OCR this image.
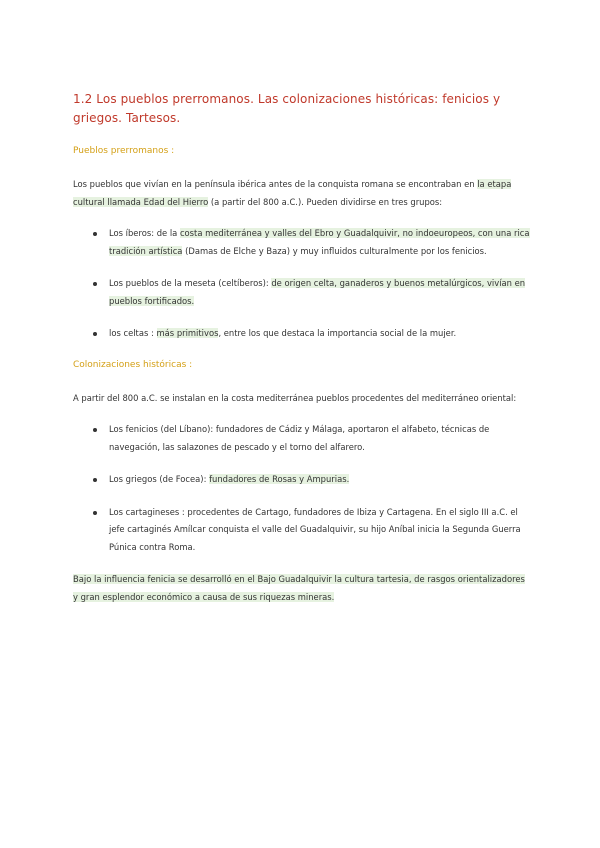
1.2 Los pueblos prerromanos. Las colonizaciones históricas: fenicios y griegos. Tartesos.
Pueblos prerromanos :

Los pueblos que vivían en la península ibérica antes de la conquista romana se encontraban en la etapa cultural llamada Edad del Hierro (a partir del 800 a.C.). Pueden dividirse en tres grupos:

Los íberos: de la costa mediterránea y valles del Ebro y Guadalquivir, no indoeuropeos, con una rica tradición artística (Damas de Elche y Baza) y muy influidos culturalmente por los fenicios.
Los pueblos de la meseta (celtíberos): de origen celta, ganaderos y buenos metalúrgicos, vivían en pueblos fortificados.
los celtas : más primitivos, entre los que destaca la importancia social de la mujer.
Colonizaciones históricas :

A partir del 800 a.C. se instalan en la costa mediterránea pueblos procedentes del mediterráneo oriental:

Los fenicios (del Líbano): fundadores de Cádiz y Málaga, aportaron el alfabeto, técnicas de navegación, las salazones de pescado y el torno del alfarero.
Los griegos (de Focea): fundadores de Rosas y Ampurias.
Los cartagineses : procedentes de Cartago, fundadores de Ibiza y Cartagena. En el siglo III a.C. el jefe cartaginés Amílcar conquista el valle del Guadalquivir, su hijo Aníbal inicia la Segunda Guerra Púnica contra Roma.

Bajo la influencia fenicia se desarrolló en el Bajo Guadalquivir la cultura tartesia, de rasgos orientalizadores y gran esplendor económico a causa de sus riquezas mineras.
